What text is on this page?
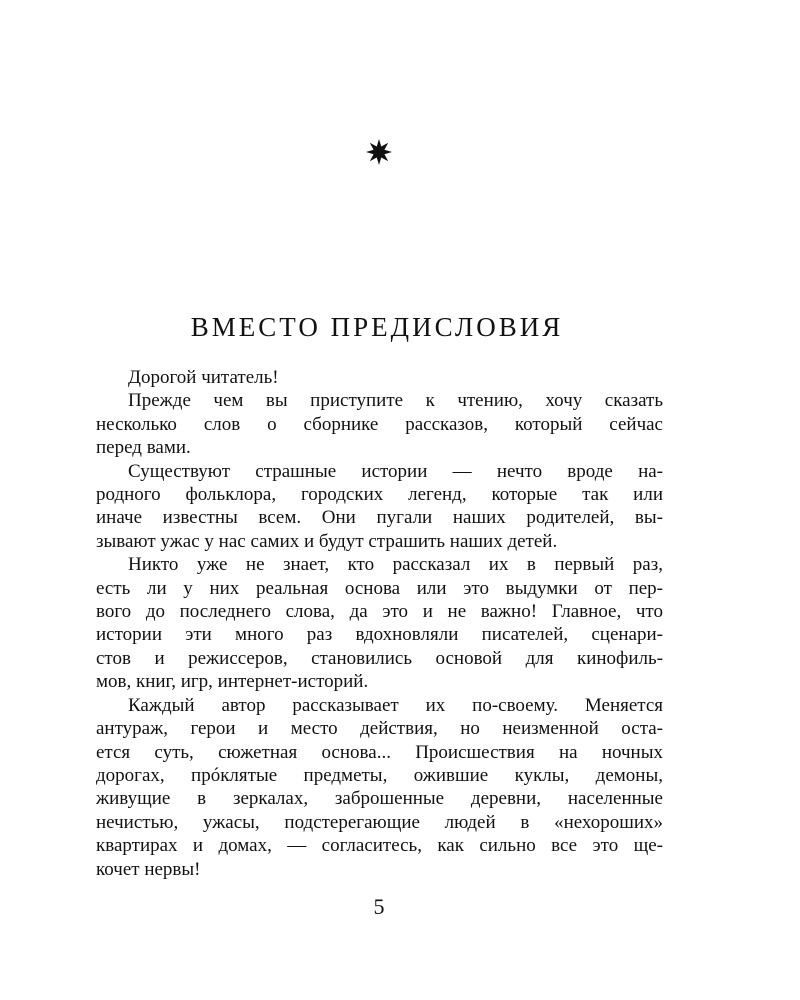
ВМЕСТО ПРЕДИСЛОВИЯ

Дорогой читатель!

Прежде чем вы приступите к чтению, хочу сказать
несколько слов о сборнике рассказов, который сейчас
перед вами.

Существуют страшные истории — нечто вроде на-
родного фольклора, городских легенд, которые так или
иначе известны всем. Они пугали наших родителей, вы-
зывают ужас у нас самих и будут страшить наших детей.

Никто уже не знает, кто рассказал их в первый раз,
есть ли у них реальная основа или это выдумки от пер-
вого до последнего слова, да это и не важно! Главное, что
истории эти много раз вдохновляли писателей, сценари-
стов и режиссеров, становились основой для кинофиль-
мов, книг, игр, интернет-историй.

Каждый автор рассказывает их по-своему. Меняется
антураж, герои и место действия, но неизменной оста-
ется суть, сюжетная основа... Происшествия на ночных
дорогах, прóклятые предметы, ожившие куклы, демоны,
живущие в зеркалах, заброшенные деревни, населенные
нечистью, ужасы, подстерегающие людей в «нехороших»
квартирах и домах, — согласитесь, как сильно все это ще-
кочет нервы!

5
